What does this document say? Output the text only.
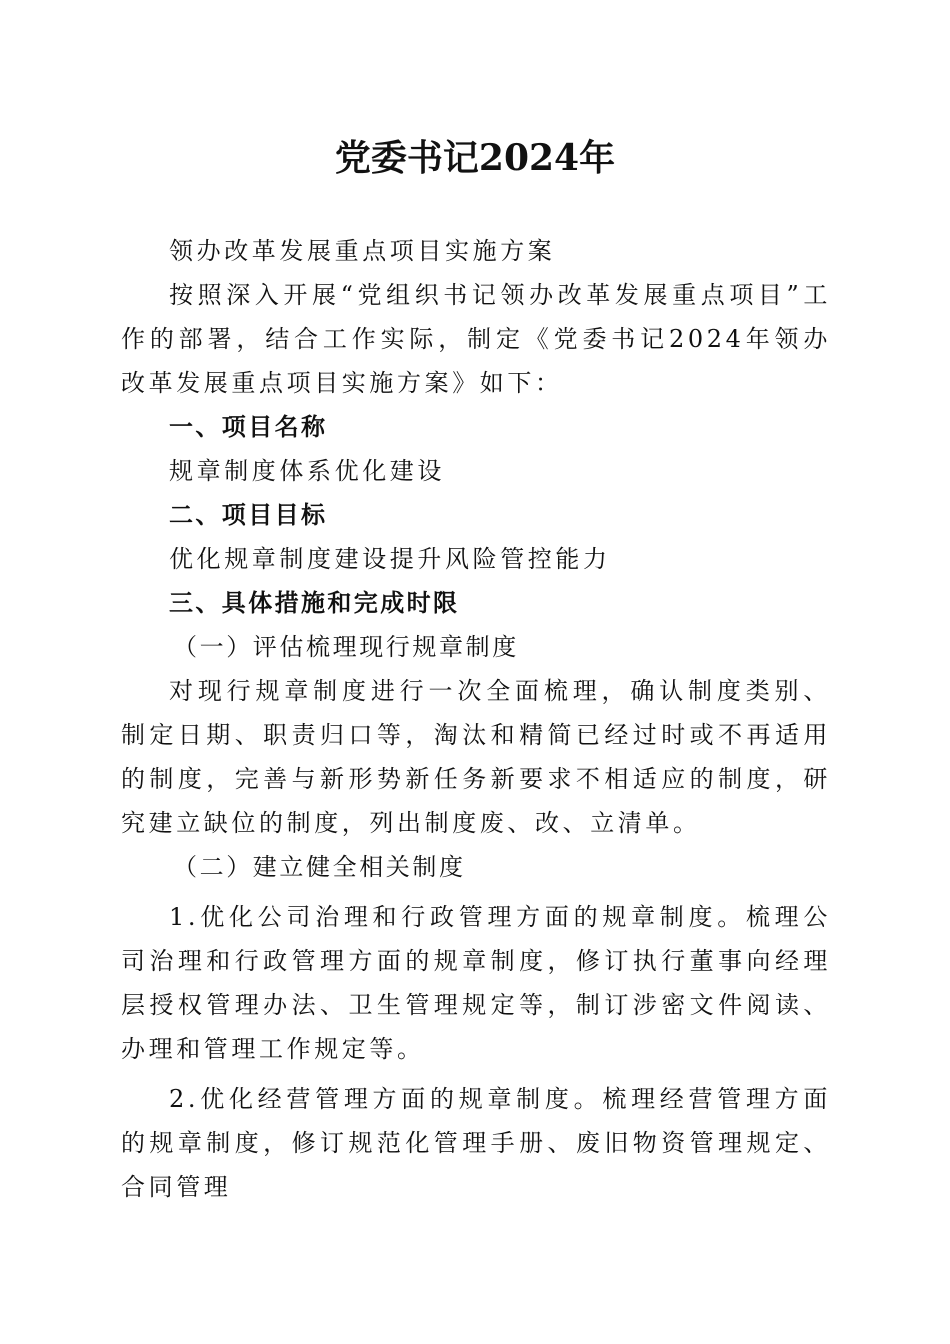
党委书记2024年

领办改革发展重点项目实施方案

按照深入开展“党组织书记领办改革发展重点项目”工作的部署，结合工作实际，制定《党委书记2024年领办改革发展重点项目实施方案》如下：

一、项目名称

规章制度体系优化建设

二、项目目标

优化规章制度建设提升风险管控能力

三、具体措施和完成时限

（一）评估梳理现行规章制度

对现行规章制度进行一次全面梳理，确认制度类别、制定日期、职责归口等，淘汰和精简已经过时或不再适用的制度，完善与新形势新任务新要求不相适应的制度，研究建立缺位的制度，列出制度废、改、立清单。

（二）建立健全相关制度

1.优化公司治理和行政管理方面的规章制度。梳理公司治理和行政管理方面的规章制度，修订执行董事向经理层授权管理办法、卫生管理规定等，制订涉密文件阅读、办理和管理工作规定等。

2.优化经营管理方面的规章制度。梳理经营管理方面的规章制度，修订规范化管理手册、废旧物资管理规定、合同管理
